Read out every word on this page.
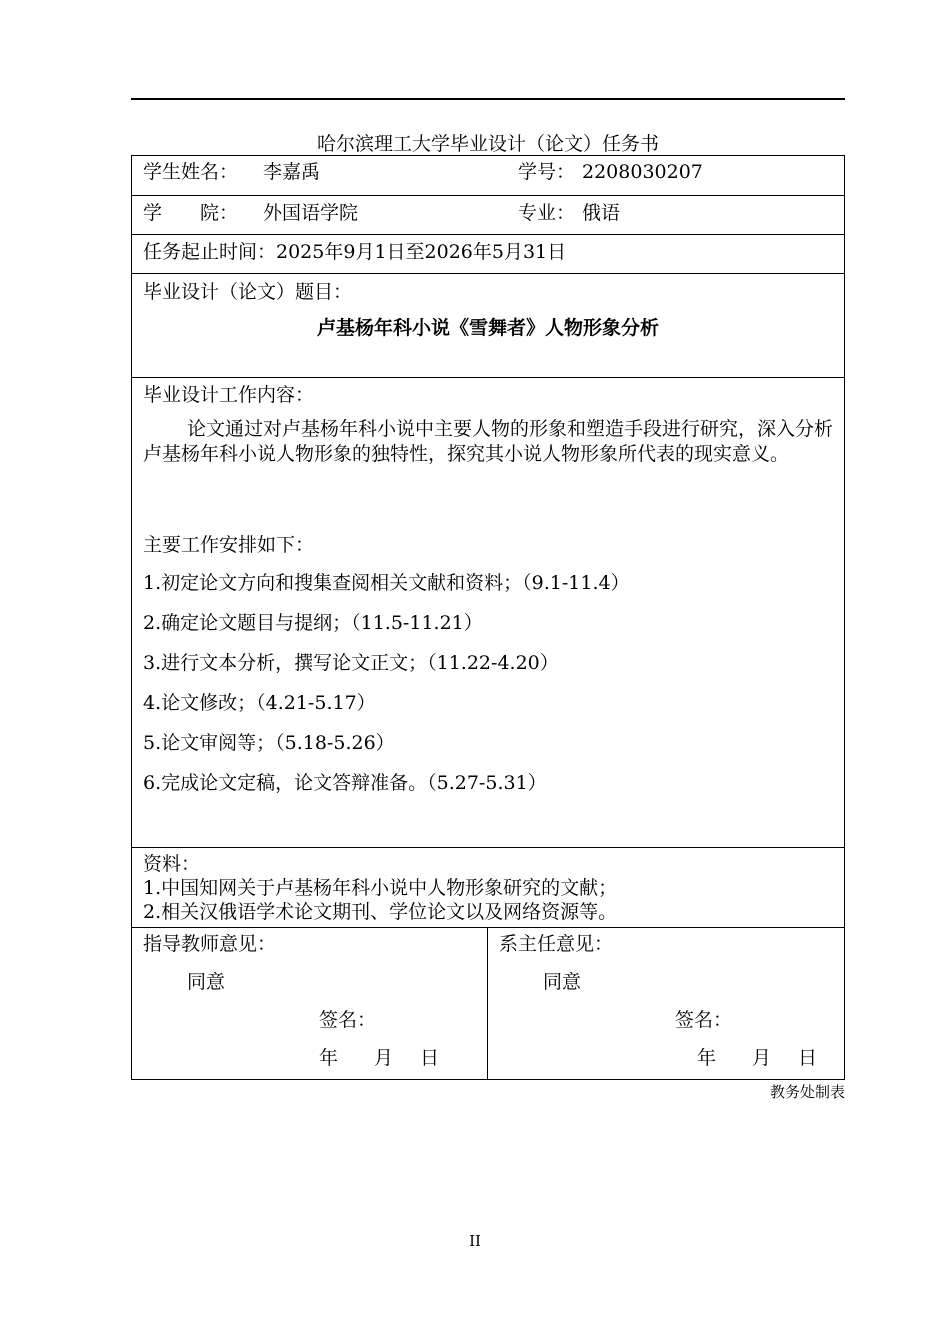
哈尔滨理工大学毕业设计（论文）任务书
学生姓名： 李嘉禹	学号： 2208030207
学　　院： 外国语学院	专业： 俄语
任务起止时间：2025年9月1日至2026年5月31日
毕业设计（论文）题目：
卢基杨年科小说《雪舞者》人物形象分析
毕业设计工作内容：
论文通过对卢基杨年科小说中主要人物的形象和塑造手段进行研究，深入分析卢基杨年科小说人物形象的独特性，探究其小说人物形象所代表的现实意义。
主要工作安排如下：
1.初定论文方向和搜集查阅相关文献和资料；（9.1-11.4）
2.确定论文题目与提纲；（11.5-11.21）
3.进行文本分析，撰写论文正文；（11.22-4.20）
4.论文修改；（4.21-5.17）
5.论文审阅等；（5.18-5.26）
6.完成论文定稿，论文答辩准备。（5.27-5.31）
资料：
1.中国知网关于卢基杨年科小说中人物形象研究的文献；
2.相关汉俄语学术论文期刊、学位论文以及网络资源等。
指导教师意见：
同意
签名：
年 月 日
系主任意见：
同意
签名：
年 月 日
教务处制表
II
